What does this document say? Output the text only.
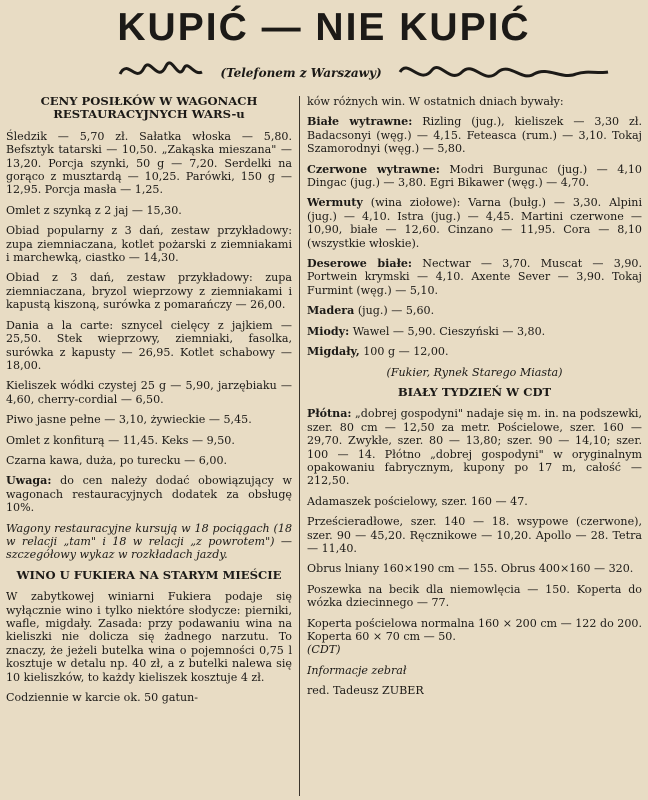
KUPIĆ — NIE KUPIĆ
(Telefonem z Warszawy)
CENY POSIŁKÓW W WAGONACH RESTAURACYJNYCH WARS-u

Śledzik — 5,70 zł. Sałatka włoska — 5,80. Befsztyk tatarski — 10,50. „Zakąska mieszana" — 13,20. Porcja szynki, 50 g — 7,20. Serdelki na gorąco z musztardą — 10,25. Parówki, 150 g — 12,95. Porcja masła — 1,25.

Omlet z szynką z 2 jaj — 15,30.

Obiad popularny z 3 dań, zestaw przykładowy: zupa ziemniaczana, kotlet pożarski z ziemniakami i marchewką, ciastko — 14,30.

Obiad z 3 dań, zestaw przykładowy: zupa ziemniaczana, bryzol wieprzowy z ziemniakami i kapustą kiszoną, surówka z pomarańczy — 26,00.

Dania a la carte: sznycel cielęcy z jajkiem — 25,50. Stek wieprzowy, ziemniaki, fasolka, surówka z kapusty — 26,95. Kotlet schabowy — 18,00.

Kieliszek wódki czystej 25 g — 5,90, jarzębiaku — 4,60, cherry-cordial — 6,50.

Piwo jasne pełne — 3,10, żywieckie — 5,45.

Omlet z konfiturą — 11,45. Keks — 9,50.

Czarna kawa, duża, po turecku — 6,00.

Uwaga: do cen należy dodać obowiązujący w wagonach restauracyjnych dodatek za obsługę 10%.

Wagony restauracyjne kursują w 18 pociągach (18 w relacji „tam" i 18 w relacji „z powrotem") — szczegółowy wykaz w rozkładach jazdy.

WINO U FUKIERA NA STARYM MIEŚCIE

W zabytkowej winiarni Fukiera podaje się wyłącznie wino i tylko niektóre słodycze: pierniki, wafle, migdały. Zasada: przy podawaniu wina na kieliszki nie dolicza się żadnego narzutu. To znaczy, że jeżeli butelka wina o pojemności 0,75 l kosztuje w detalu np. 40 zł, a z butelki nalewa się 10 kieliszków, to każdy kieliszek kosztuje 4 zł.

Codziennie w karcie ok. 50 gatun-

ków różnych win. W ostatnich dniach bywały:

Białe wytrawne: Rizling (jug.), kieliszek — 3,30 zł. Badacsonyi (węg.) — 4,15. Feteasca (rum.) — 3,10. Tokaj Szamorodnyi (węg.) — 5,80.

Czerwone wytrawne: Modri Burgunac (jug.) — 4,10 Dingac (jug.) — 3,80. Egri Bikawer (węg.) — 4,70.

Wermuty (wina ziołowe): Varna (bułg.) — 3,30. Alpini (jug.) — 4,10. Istra (jug.) — 4,45. Martini czerwone — 10,90, białe — 12,60. Cinzano — 11,95. Cora — 8,10 (wszystkie włoskie).

Deserowe białe: Nectwar — 3,70. Muscat — 3,90. Portwein krymski — 4,10. Axente Sever — 3,90. Tokaj Furmint (węg.) — 5,10.

Madera (jug.) — 5,60.

Miody: Wawel — 5,90. Cieszyński — 3,80.

Migdały, 100 g — 12,00.

(Fukier, Rynek Starego Miasta)

BIAŁY TYDZIEŃ W CDT

Płótna: „dobrej gospodyni" nadaje się m. in. na podszewki, szer. 80 cm — 12,50 za metr. Pościelowe, szer. 160 — 29,70. Zwykłe, szer. 80 — 13,80; szer. 90 — 14,10; szer. 100 — 14. Płótno „dobrej gospodyni" w oryginalnym opakowaniu fabrycznym, kupony po 17 m, całość — 212,50.

Adamaszek pościelowy, szer. 160 — 47.

Prześcieradłowe, szer. 140 — 18. wsypowe (czerwone), szer. 90 — 45,20. Ręcznikowe — 10,20. Apollo — 28. Tetra — 11,40.

Obrus lniany 160×190 cm — 155. Obrus 400×160 — 320.

Poszewka na becik dla niemowlęcia — 150. Koperta do wózka dziecinnego — 77.

Koperta pościelowa normalna 160 × 200 cm — 122 do 200. Koperta 60 × 70 cm — 50.

(CDT)

Informacje zebrał

red. Tadeusz ZUBER
